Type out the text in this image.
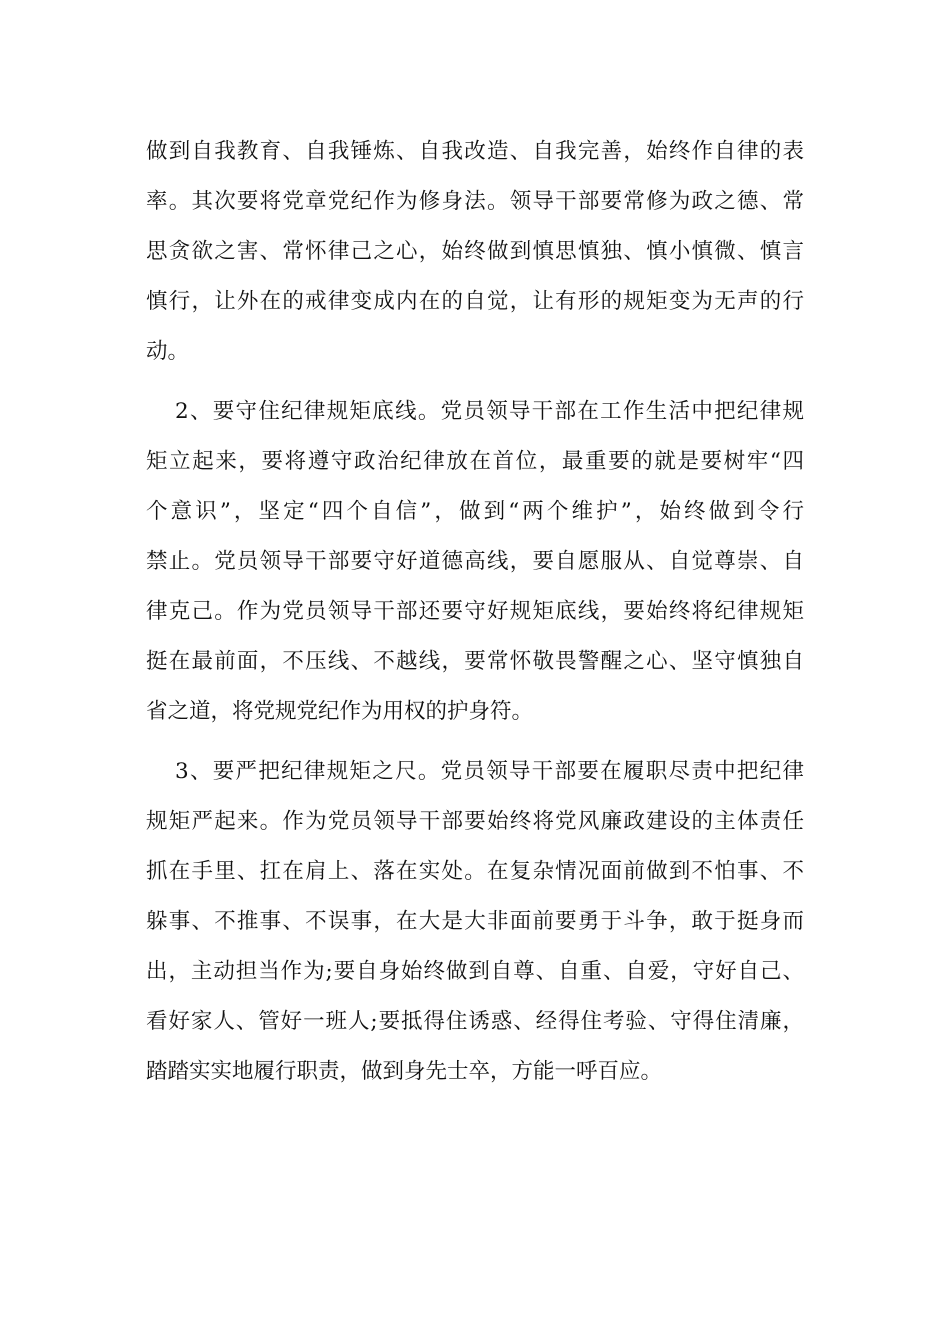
做到自我教育、自我锤炼、自我改造、自我完善，始终作自律的表
率。其次要将党章党纪作为修身法。领导干部要常修为政之德、常
思贪欲之害、常怀律己之心，始终做到慎思慎独、慎小慎微、慎言
慎行，让外在的戒律变成内在的自觉，让有形的规矩变为无声的行
动。
2、要守住纪律规矩底线。党员领导干部在工作生活中把纪律规
矩立起来，要将遵守政治纪律放在首位，最重要的就是要树牢“四
个意识”，坚定“四个自信”，做到“两个维护”，始终做到令行
禁止。党员领导干部要守好道德高线，要自愿服从、自觉尊崇、自
律克己。作为党员领导干部还要守好规矩底线，要始终将纪律规矩
挺在最前面，不压线、不越线，要常怀敬畏警醒之心、坚守慎独自
省之道，将党规党纪作为用权的护身符。
3、要严把纪律规矩之尺。党员领导干部要在履职尽责中把纪律
规矩严起来。作为党员领导干部要始终将党风廉政建设的主体责任
抓在手里、扛在肩上、落在实处。在复杂情况面前做到不怕事、不
躲事、不推事、不误事，在大是大非面前要勇于斗争，敢于挺身而
出，主动担当作为;要自身始终做到自尊、自重、自爱，守好自己、
看好家人、管好一班人;要抵得住诱惑、经得住考验、守得住清廉，
踏踏实实地履行职责，做到身先士卒，方能一呼百应。
